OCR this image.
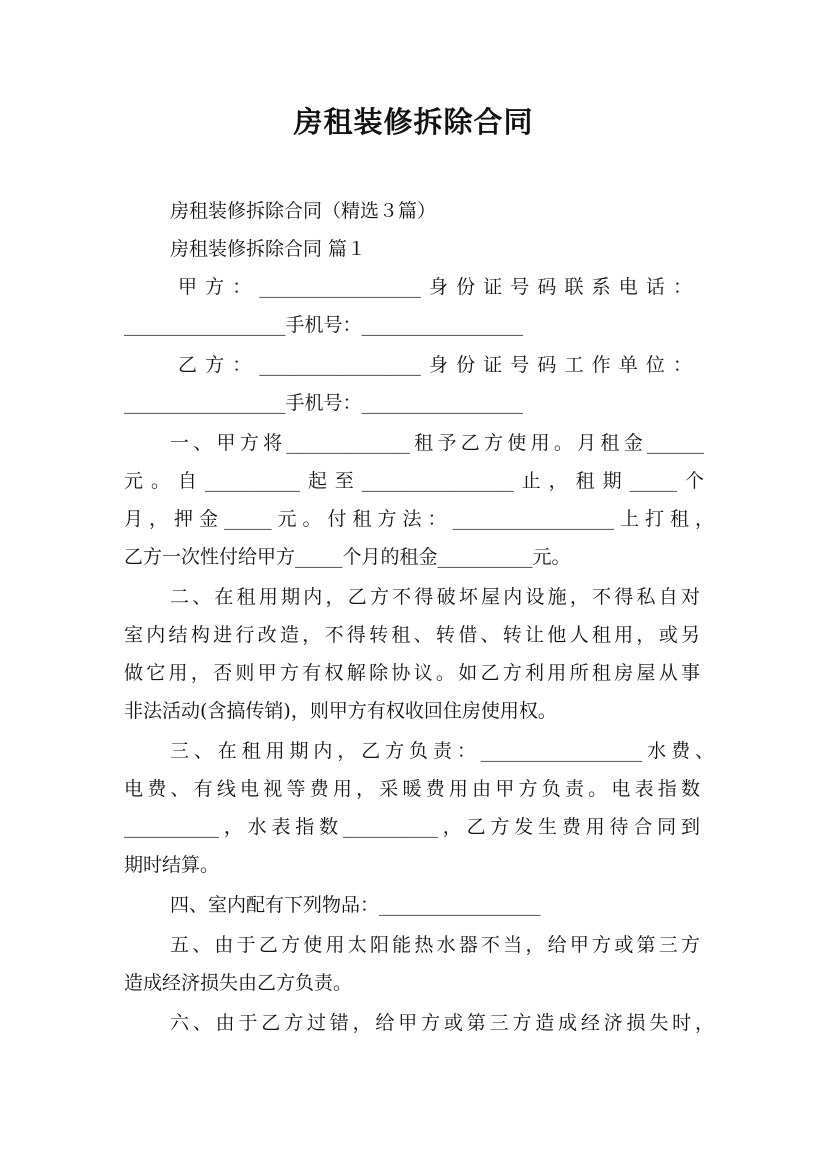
房租装修拆除合同

房租装修拆除合同（精选３篇）

房租装修拆除合同 篇１

甲方：_________________身份证号码联系电话：

_________________手机号：_________________

乙方：_________________身份证号码工作单位：

_________________手机号：_________________

一、甲方将_____________租予乙方使用。月租金______

元。自__________起至________________止，租期_____个

月，押金_____元。付租方法：_________________上打租，

乙方一次性付给甲方_____个月的租金__________元。

二、在租用期内，乙方不得破坏屋内设施，不得私自对

室内结构进行改造，不得转租、转借、转让他人租用，或另

做它用，否则甲方有权解除协议。如乙方利用所租房屋从事

非法活动(含搞传销)，则甲方有权收回住房使用权。

三、在租用期内，乙方负责：_________________水费、

电费、有线电视等费用，采暖费用由甲方负责。电表指数

__________，水表指数__________，乙方发生费用待合同到

期时结算。

四、室内配有下列物品：_________________

五、由于乙方使用太阳能热水器不当，给甲方或第三方

造成经济损失由乙方负责。

六、由于乙方过错，给甲方或第三方造成经济损失时，
